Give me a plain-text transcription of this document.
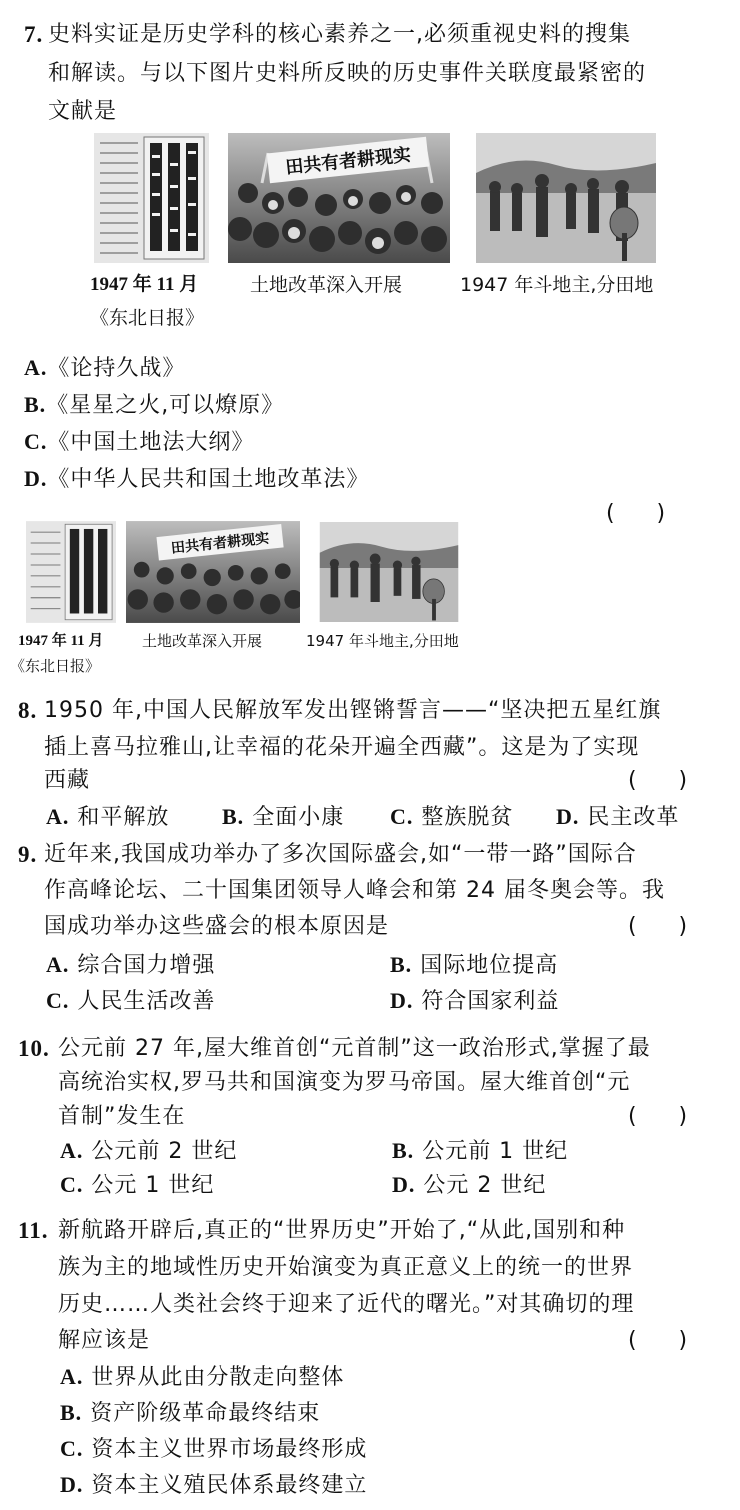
7. 史料实证是历史学科的核心素养之一,必须重视史料的搜集
和解读。与以下图片史料所反映的历史事件关联度最紧密的
文献是
田共有者耕现实
1947 年 11 月	土地改革深入开展	1947 年斗地主,分田地
《东北日报》
A.《论持久战》
B.《星星之火,可以燎原》
C.《中国土地法大纲》
D.《中华人民共和国土地改革法》
(      )
田共有者耕现实
1947 年 11 月	土地改革深入开展	1947 年斗地主,分田地
《东北日报》
8. 1950 年,中国人民解放军发出铿锵誓言——“坚决把五星红旗
插上喜马拉雅山,让幸福的花朵开遍全西藏”。这是为了实现
西藏	(      )
A. 和平解放 B. 全面小康 C. 整族脱贫 D. 民主改革
9. 近年来,我国成功举办了多次国际盛会,如“一带一路”国际合
作高峰论坛、二十国集团领导人峰会和第 24 届冬奥会等。我
国成功举办这些盛会的根本原因是	(      )
A. 综合国力增强	B. 国际地位提高
C. 人民生活改善	D. 符合国家利益
10. 公元前 27 年,屋大维首创“元首制”这一政治形式,掌握了最
高统治实权,罗马共和国演变为罗马帝国。屋大维首创“元
首制”发生在	(      )
A. 公元前 2 世纪	B. 公元前 1 世纪
C. 公元 1 世纪	D. 公元 2 世纪
11. 新航路开辟后,真正的“世界历史”开始了,“从此,国别和种
族为主的地域性历史开始演变为真正意义上的统一的世界
历史……人类社会终于迎来了近代的曙光。”对其确切的理
解应该是	(      )
A. 世界从此由分散走向整体
B. 资产阶级革命最终结束
C. 资本主义世界市场最终形成
D. 资本主义殖民体系最终建立
